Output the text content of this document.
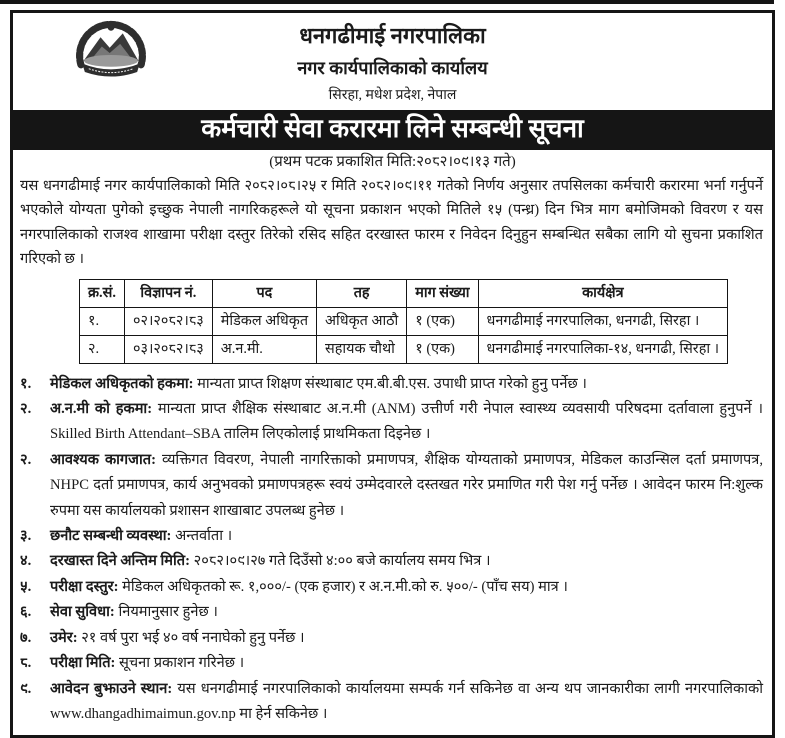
धनगढीमाई नगरपालिका
नगर कार्यपालिकाको कार्यालय
सिरहा, मधेश प्रदेश, नेपाल
कर्मचारी सेवा करारमा लिने सम्बन्धी सूचना
(प्रथम पटक प्रकाशित मिति:२०८२।०९।१३ गते)
यस धनगढीमाई नगर कार्यपालिकाको मिति २०८२।०८।२५ र मिति २०८२।०९।११ गतेको निर्णय अनुसार तपसिलका कर्मचारी करारमा भर्ना गर्नुपर्ने भएकोले योग्यता पुगेको इच्छुक नेपाली नागरिकहरूले यो सूचना प्रकाशन भएको मितिले १५ (पन्ध्र) दिन भित्र माग बमोजिमको विवरण र यस नगरपालिकाको राजश्व शाखामा परीक्षा दस्तुर तिरेको रसिद सहित दरखास्त फारम र निवेदन दिनुहुन सम्बन्धित सबैका लागि यो सुचना प्रकाशित गरिएको छ ।
क्र.सं.	विज्ञापन नं.	पद	तह	माग संख्या	कार्यक्षेत्र
१.	०२।२०८२।८३	मेडिकल अधिकृत	अधिकृत आठौ	१ (एक)	धनगढीमाई नगरपालिका, धनगढी, सिरहा ।
२.	०३।२०८२।८३	अ.न.मी.	सहायक चौथो	१ (एक)	धनगढीमाई नगरपालिका-१४, धनगढी, सिरहा ।
१.	मेडिकल अधिकृतको हकमा: मान्यता प्राप्त शिक्षण संस्थाबाट एम.बी.बी.एस. उपाधी प्राप्त गरेको हुनु पर्नेछ ।
२.	अ.न.मी को हकमा: मान्यता प्राप्त शैक्षिक संस्थाबाट अ.न.मी (ANM) उत्तीर्ण गरी नेपाल स्वास्थ्य व्यवसायी परिषदमा दर्तावाला हुनुपर्ने । Skilled Birth Attendant–SBA तालिम लिएकोलाई प्राथमिकता दिइनेछ ।
२.	आवश्यक कागजात: व्यक्तिगत विवरण, नेपाली नागरिक्ताको प्रमाणपत्र, शैक्षिक योग्यताको प्रमाणपत्र, मेडिकल काउन्सिल दर्ता प्रमाणपत्र, NHPC दर्ता प्रमाणपत्र, कार्य अनुभवको प्रमाणपत्रहरू स्वयं उम्मेदवारले दस्तखत गरेर प्रमाणित गरी पेश गर्नु पर्नेछ । आवेदन फारम नि:शुल्क रुपमा यस कार्यालयको प्रशासन शाखाबाट उपलब्ध हुनेछ ।
३.	छनौट सम्बन्धी व्यवस्था: अन्तर्वाता ।
४.	दरखास्त दिने अन्तिम मिति: २०८२।०९।२७ गते दिउँसो ४:०० बजे कार्यालय समय भित्र ।
५.	परीक्षा दस्तुर: मेडिकल अधिकृतको रू. १,०००/- (एक हजार) र अ.न.मी.को रु. ५००/- (पाँच सय) मात्र ।
६.	सेवा सुविधा: नियमानुसार हुनेछ ।
७.	उमेर: २१ वर्ष पुरा भई ४० वर्ष ननाघेको हुनु पर्नेछ ।
८.	परीक्षा मिति: सूचना प्रकाशन गरिनेछ ।
९.	आवेदन बुझाउने स्थान: यस धनगढीमाई नगरपालिकाको कार्यालयमा सम्पर्क गर्न सकिनेछ वा अन्य थप जानकारीका लागी नगरपालिकाको www.dhangadhimaimun.gov.np मा हेर्न सकिनेछ ।
